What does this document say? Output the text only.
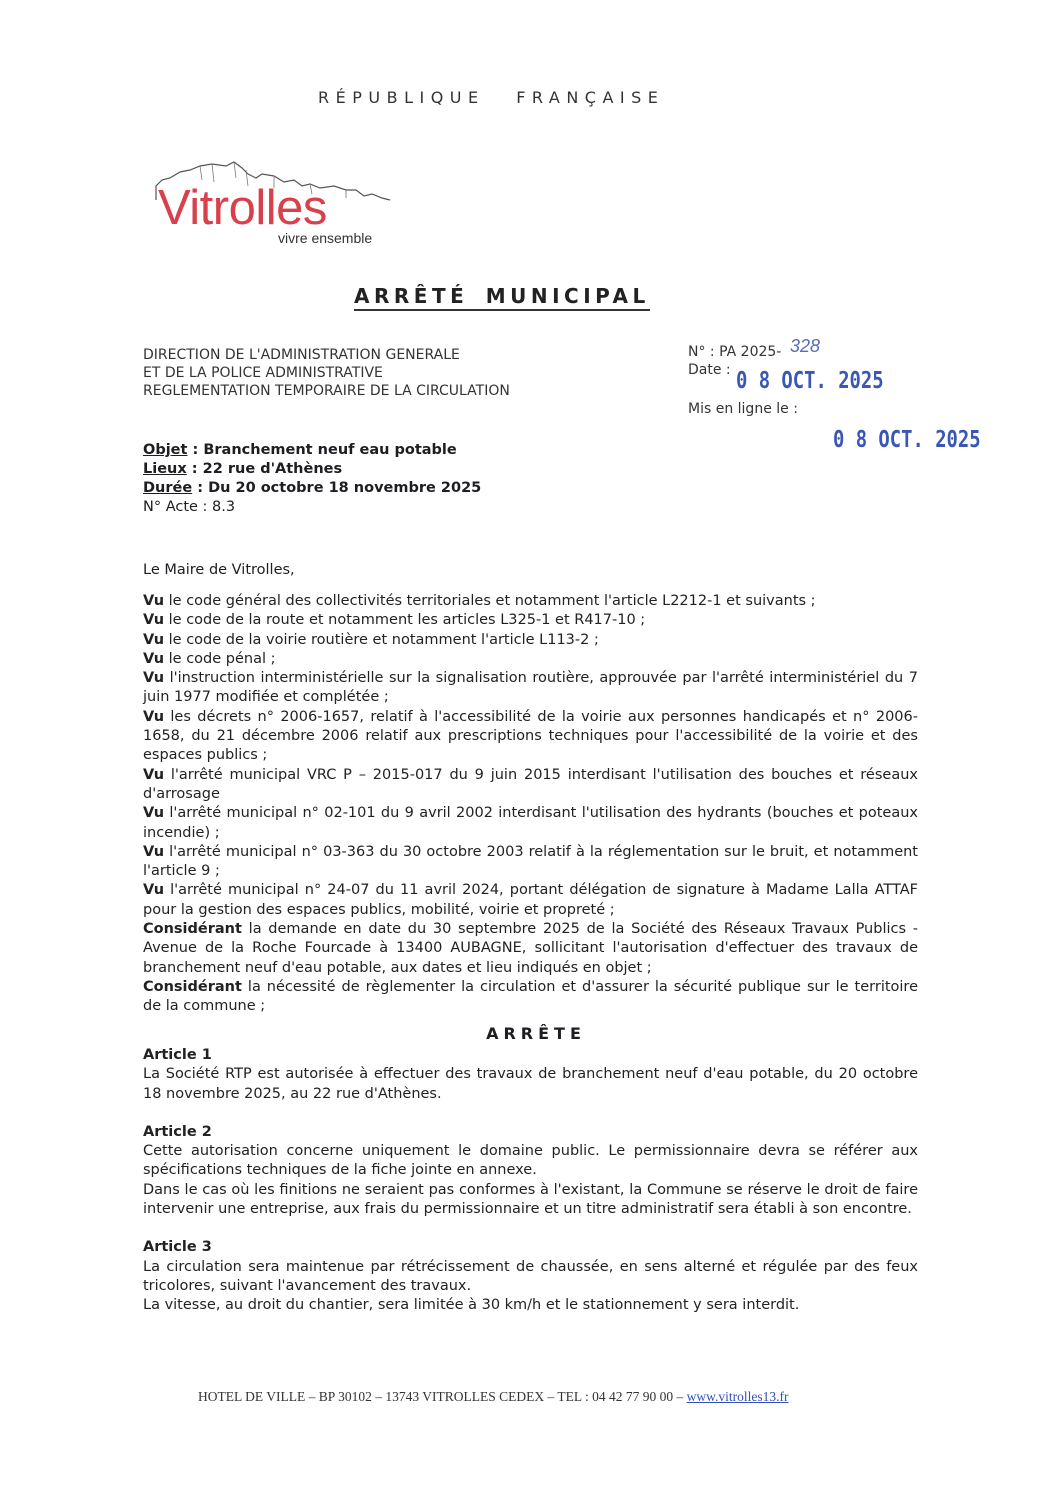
RÉPUBLIQUE FRANÇAISE
Vitrolles
vivre ensemble
ARRÊTÉ MUNICIPAL
DIRECTION DE L'ADMINISTRATION GENERALE
ET DE LA POLICE ADMINISTRATIVE
REGLEMENTATION TEMPORAIRE DE LA CIRCULATION
N° : PA 2025-
Date :
328
0 8 OCT. 2025
Mis en ligne le :
0 8 OCT. 2025
Objet : Branchement neuf eau potable
Lieux : 22 rue d'Athènes
Durée : Du 20 octobre 18 novembre 2025
N° Acte : 8.3
Le Maire de Vitrolles,

Vu le code général des collectivités territoriales et notamment l'article L2212-1 et suivants ;

Vu le code de la route et notamment les articles L325-1 et R417-10 ;

Vu le code de la voirie routière et notamment l'article L113-2 ;

Vu le code pénal ;

Vu l'instruction interministérielle sur la signalisation routière, approuvée par l'arrêté interministériel du 7 juin 1977 modifiée et complétée ;

Vu les décrets n° 2006-1657, relatif à l'accessibilité de la voirie aux personnes handicapés et n° 2006-1658, du 21 décembre 2006 relatif aux prescriptions techniques pour l'accessibilité de la voirie et des espaces publics ;

Vu l'arrêté municipal VRC P – 2015-017 du 9 juin 2015 interdisant l'utilisation des bouches et réseaux d'arrosage

Vu l'arrêté municipal n° 02-101 du 9 avril 2002 interdisant l'utilisation des hydrants (bouches et poteaux incendie) ;

Vu l'arrêté municipal n° 03-363 du 30 octobre 2003 relatif à la réglementation sur le bruit, et notamment l'article 9 ;

Vu l'arrêté municipal n° 24-07 du 11 avril 2024, portant délégation de signature à Madame Lalla ATTAF pour la gestion des espaces publics, mobilité, voirie et propreté ;

Considérant la demande en date du 30 septembre 2025 de la Société des Réseaux Travaux Publics - Avenue de la Roche Fourcade à 13400 AUBAGNE, sollicitant l'autorisation d'effectuer des travaux de branchement neuf d'eau potable, aux dates et lieu indiqués en objet ;

Considérant la nécessité de règlementer la circulation et d'assurer la sécurité publique sur le territoire de la commune ;

ARRÊTE
Article 1

La Société RTP est autorisée à effectuer des travaux de branchement neuf d'eau potable, du 20 octobre 18 novembre 2025, au 22 rue d'Athènes.

Article 2

Cette autorisation concerne uniquement le domaine public. Le permissionnaire devra se référer aux spécifications techniques de la fiche jointe en annexe.

Dans le cas où les finitions ne seraient pas conformes à l'existant, la Commune se réserve le droit de faire intervenir une entreprise, aux frais du permissionnaire et un titre administratif sera établi à son encontre.

Article 3

La circulation sera maintenue par rétrécissement de chaussée, en sens alterné et régulée par des feux tricolores, suivant l'avancement des travaux.

La vitesse, au droit du chantier, sera limitée à 30 km/h et le stationnement y sera interdit.

HOTEL DE VILLE – BP 30102 – 13743 VITROLLES CEDEX – TEL : 04 42 77 90 00 – www.vitrolles13.fr
